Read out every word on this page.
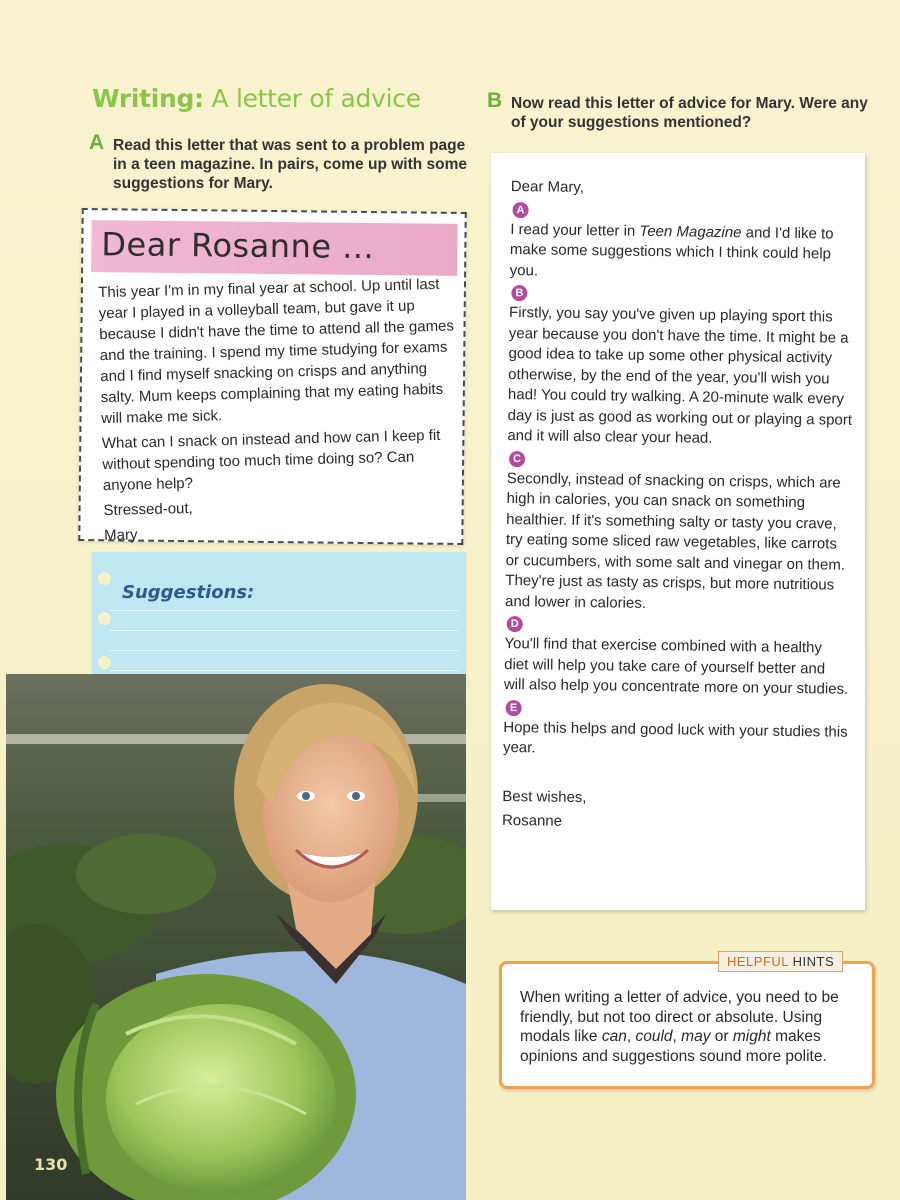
Writing: A letter of advice
A Read this letter that was sent to a problem page in a teen magazine. In pairs, come up with some suggestions for Mary.
B Now read this letter of advice for Mary. Were any of your suggestions mentioned?
Dear Rosanne ...

This year I'm in my final year at school. Up until last year I played in a volleyball team, but gave it up because I didn't have the time to attend all the games and the training. I spend my time studying for exams and I find myself snacking on crisps and anything salty. Mum keeps complaining that my eating habits will make me sick.

What can I snack on instead and how can I keep fit without spending too much time doing so? Can anyone help?

Stressed-out,

Mary

Suggestions:
130

Dear Mary,

A

I read your letter in Teen Magazine and I'd like to make some suggestions which I think could help you.

B

Firstly, you say you've given up playing sport this year because you don't have the time. It might be a good idea to take up some other physical activity otherwise, by the end of the year, you'll wish you had! You could try walking. A 20-minute walk every day is just as good as working out or playing a sport and it will also clear your head.

C

Secondly, instead of snacking on crisps, which are high in calories, you can snack on something healthier. If it's something salty or tasty you crave, try eating some sliced raw vegetables, like carrots or cucumbers, with some salt and vinegar on them. They're just as tasty as crisps, but more nutritious and lower in calories.

D

You'll find that exercise combined with a healthy diet will help you take care of yourself better and will also help you concentrate more on your studies.

E

Hope this helps and good luck with your studies this year.

Best wishes,

Rosanne

When writing a letter of advice, you need to be friendly, but not too direct or absolute. Using modals like can, could, may or might makes opinions and suggestions sound more polite.
HELPFUL HINTS
